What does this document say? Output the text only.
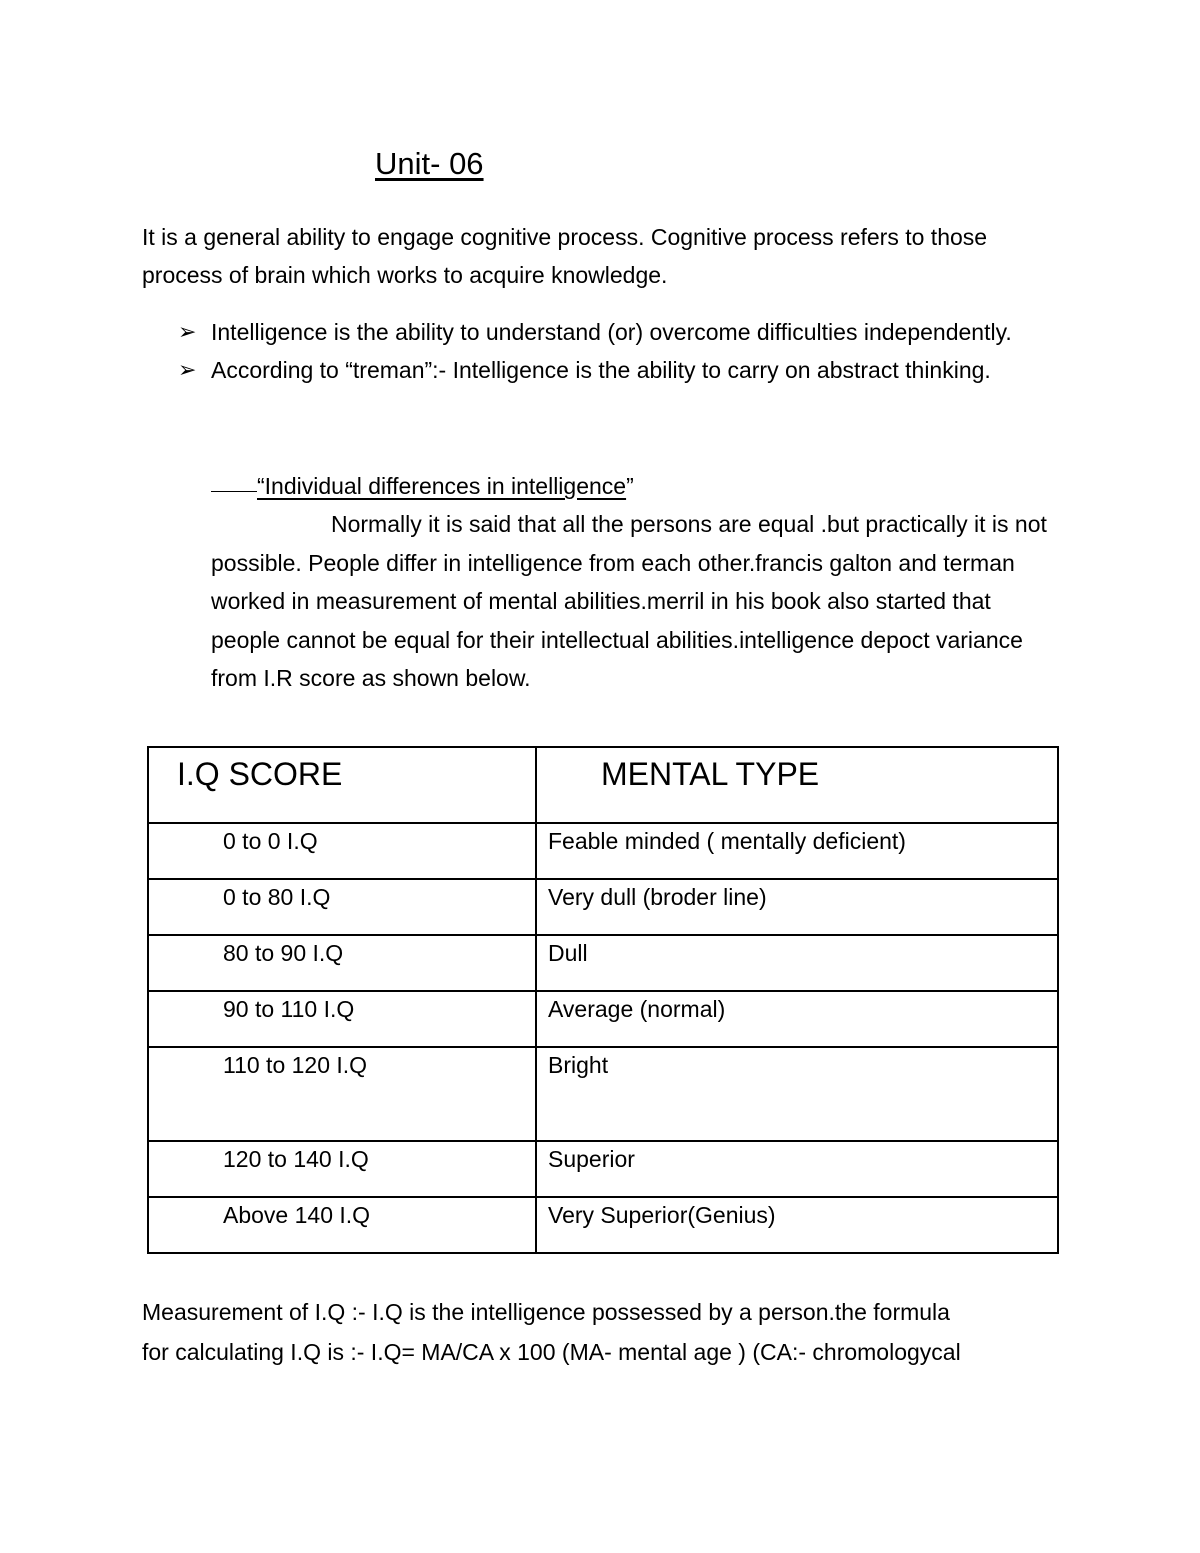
Unit- 06

It is a general ability to engage cognitive process. Cognitive process refers to those

process of brain which works to acquire knowledge.

➢ Intelligence is the ability to understand (or) overcome difficulties independently.
➢ According to “treman”:- Intelligence is the ability to carry on abstract thinking.
“Individual differences in intelligence”
Normally it is said that all the persons are equal .but practically it is not possible. People differ in intelligence from each other.francis galton and terman worked in measurement of mental abilities.merril in his book also started that people cannot be equal for their intellectual abilities.intelligence depoct variance from I.R score as shown below.
I.Q SCORE	MENTAL TYPE
0 to 0 I.Q	Feable minded ( mentally deficient)
0 to 80 I.Q	Very dull (broder line)
80 to 90 I.Q	Dull
90 to 110 I.Q	Average (normal)
110 to 120 I.Q	Bright
120 to 140 I.Q	Superior
Above 140 I.Q	Very Superior(Genius)

Measurement of I.Q :- I.Q is the intelligence possessed by a person.the formula

for calculating I.Q is :- I.Q= MA/CA x 100 (MA- mental age ) (CA:- chromologycal
